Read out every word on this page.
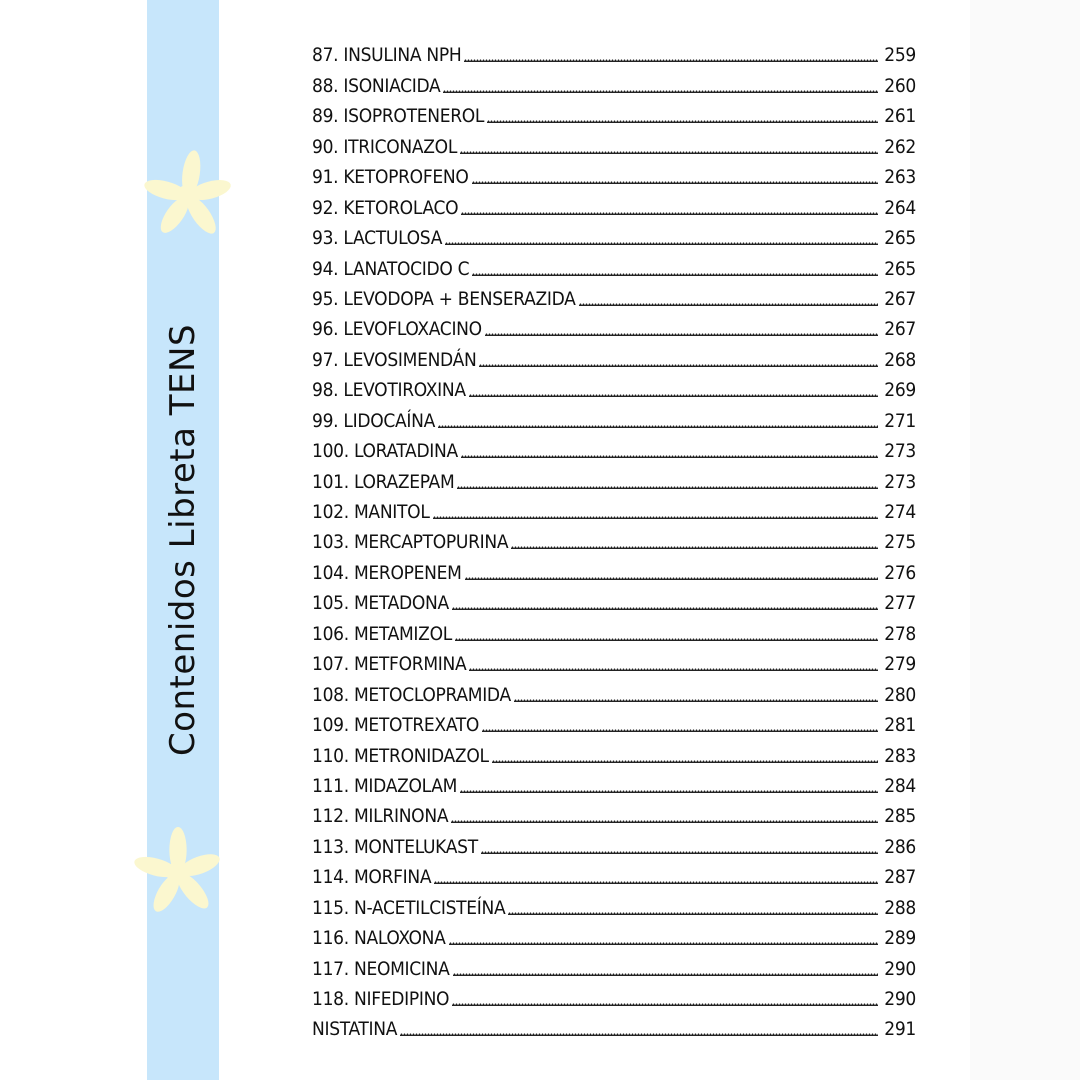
Contenidos Libreta TENS
87. INSULINA NPH	259
88. ISONIACIDA	260
89. ISOPROTENEROL	261
90. ITRICONAZOL	262
91. KETOPROFENO	263
92. KETOROLACO	264
93. LACTULOSA	265
94. LANATOCIDO C	265
95. LEVODOPA + BENSERAZIDA	267
96. LEVOFLOXACINO	267
97. LEVOSIMENDÁN	268
98. LEVOTIROXINA	269
99. LIDOCAÍNA	271
100. LORATADINA	273
101. LORAZEPAM	273
102. MANITOL	274
103. MERCAPTOPURINA	275
104. MEROPENEM	276
105. METADONA	277
106. METAMIZOL	278
107. METFORMINA	279
108. METOCLOPRAMIDA	280
109. METOTREXATO	281
110. METRONIDAZOL	283
111. MIDAZOLAM	284
112. MILRINONA	285
113. MONTELUKAST	286
114. MORFINA	287
115. N-ACETILCISTEÍNA	288
116. NALOXONA	289
117. NEOMICINA	290
118. NIFEDIPINO	290
NISTATINA	291
